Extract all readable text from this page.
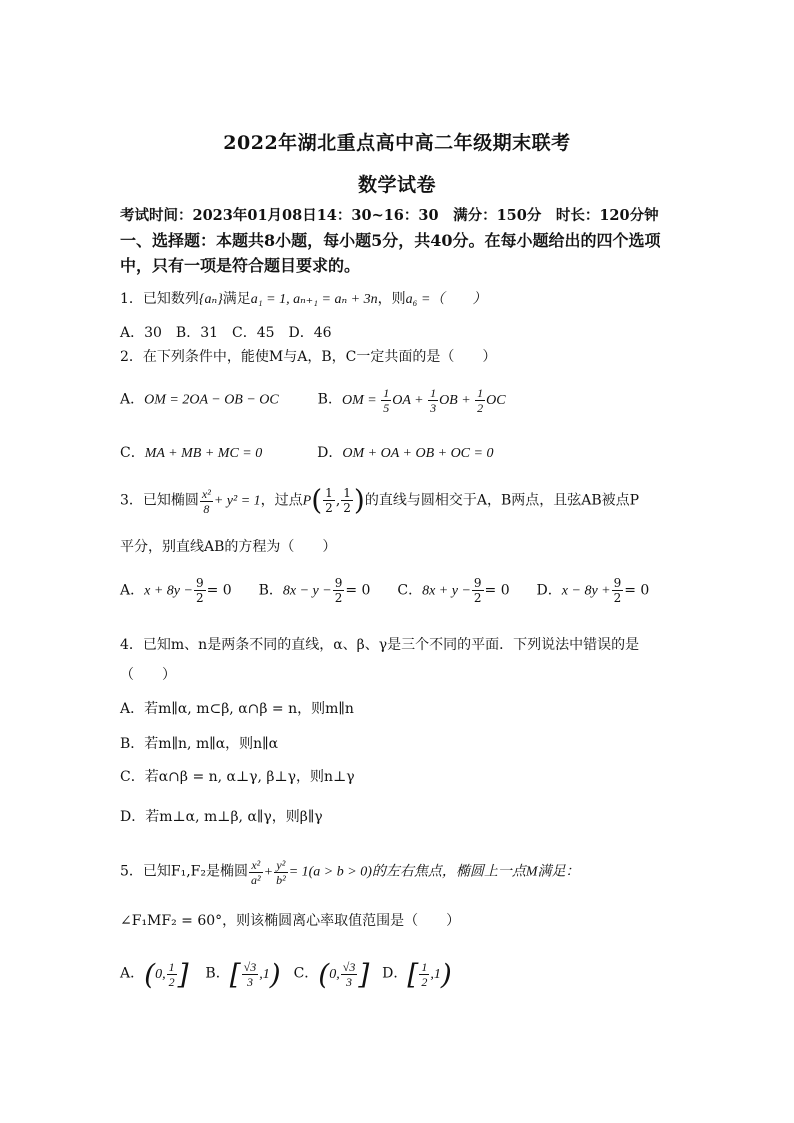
2022年湖北重点高中高二年级期末联考
数学试卷
考试时间：2023年01月08日14：30~16：30　满分：150分　时长：120分钟
一、选择题：本题共8小题，每小题5分，共40分。在每小题给出的四个选项
中，只有一项是符合题目要求的。
1．已知数列{aₙ}满足a₁ = 1, aₙ₊₁ = aₙ + 3n，则a₆ =（　　）
A．30　B．31　C．45　D．46
2．在下列条件中，能使M与A，B，C一定共面的是（　　）
A．OM = 2OA − OB − OC	B．OM = $\frac{1}{5}$ OA + $\frac{1}{3}$ OB + $\frac{1}{2}$ OC
C．MA + MB + MC = 0	D．OM + OA + OB + OC = 0
3．已知椭圆 $\frac{\text{x²}}{8} + y^2 = 1$，过点$P( \frac{1}{2}$ , $\frac{1}{2}$ )的直线与圆相交于A，B两点，且弦AB被点P
平分，别直线AB的方程为（　　）
A．$x + 8y - \frac{9}{2} = 0$ B．$8x - y - \frac{9}{2} = 0$ C．$8x + y - \frac{9}{2} = 0$ D．$x - 8y + \frac{9}{2} = 0$
4．已知m、n是两条不同的直线，α、β、γ是三个不同的平面．下列说法中错误的是
（　　）
A．若m∥α, m⊂β, α∩β = n，则m∥n
B．若m∥n, m∥α，则n∥α
C．若α∩β = n, α⊥γ, β⊥γ，则n⊥γ
D．若m⊥α, m⊥β, α∥γ，则β∥γ
5．已知F₁,F₂是椭圆 $\frac{\text{x²}}{\text{a²}} + \frac{\text{y²}}{\text{b²}} = 1(a > b > 0)$的左右焦点，椭圆上一点M满足：
∠F₁MF₂ = 60°，则该椭圆离心率取值范围是（　　）
A．(0, $\frac{1}{2}$ ] B．[ $\frac{√3}{3} ,1$) C．(0, $\frac{√3}{3}$ ] D．[ $\frac{1}{2} ,1$)
